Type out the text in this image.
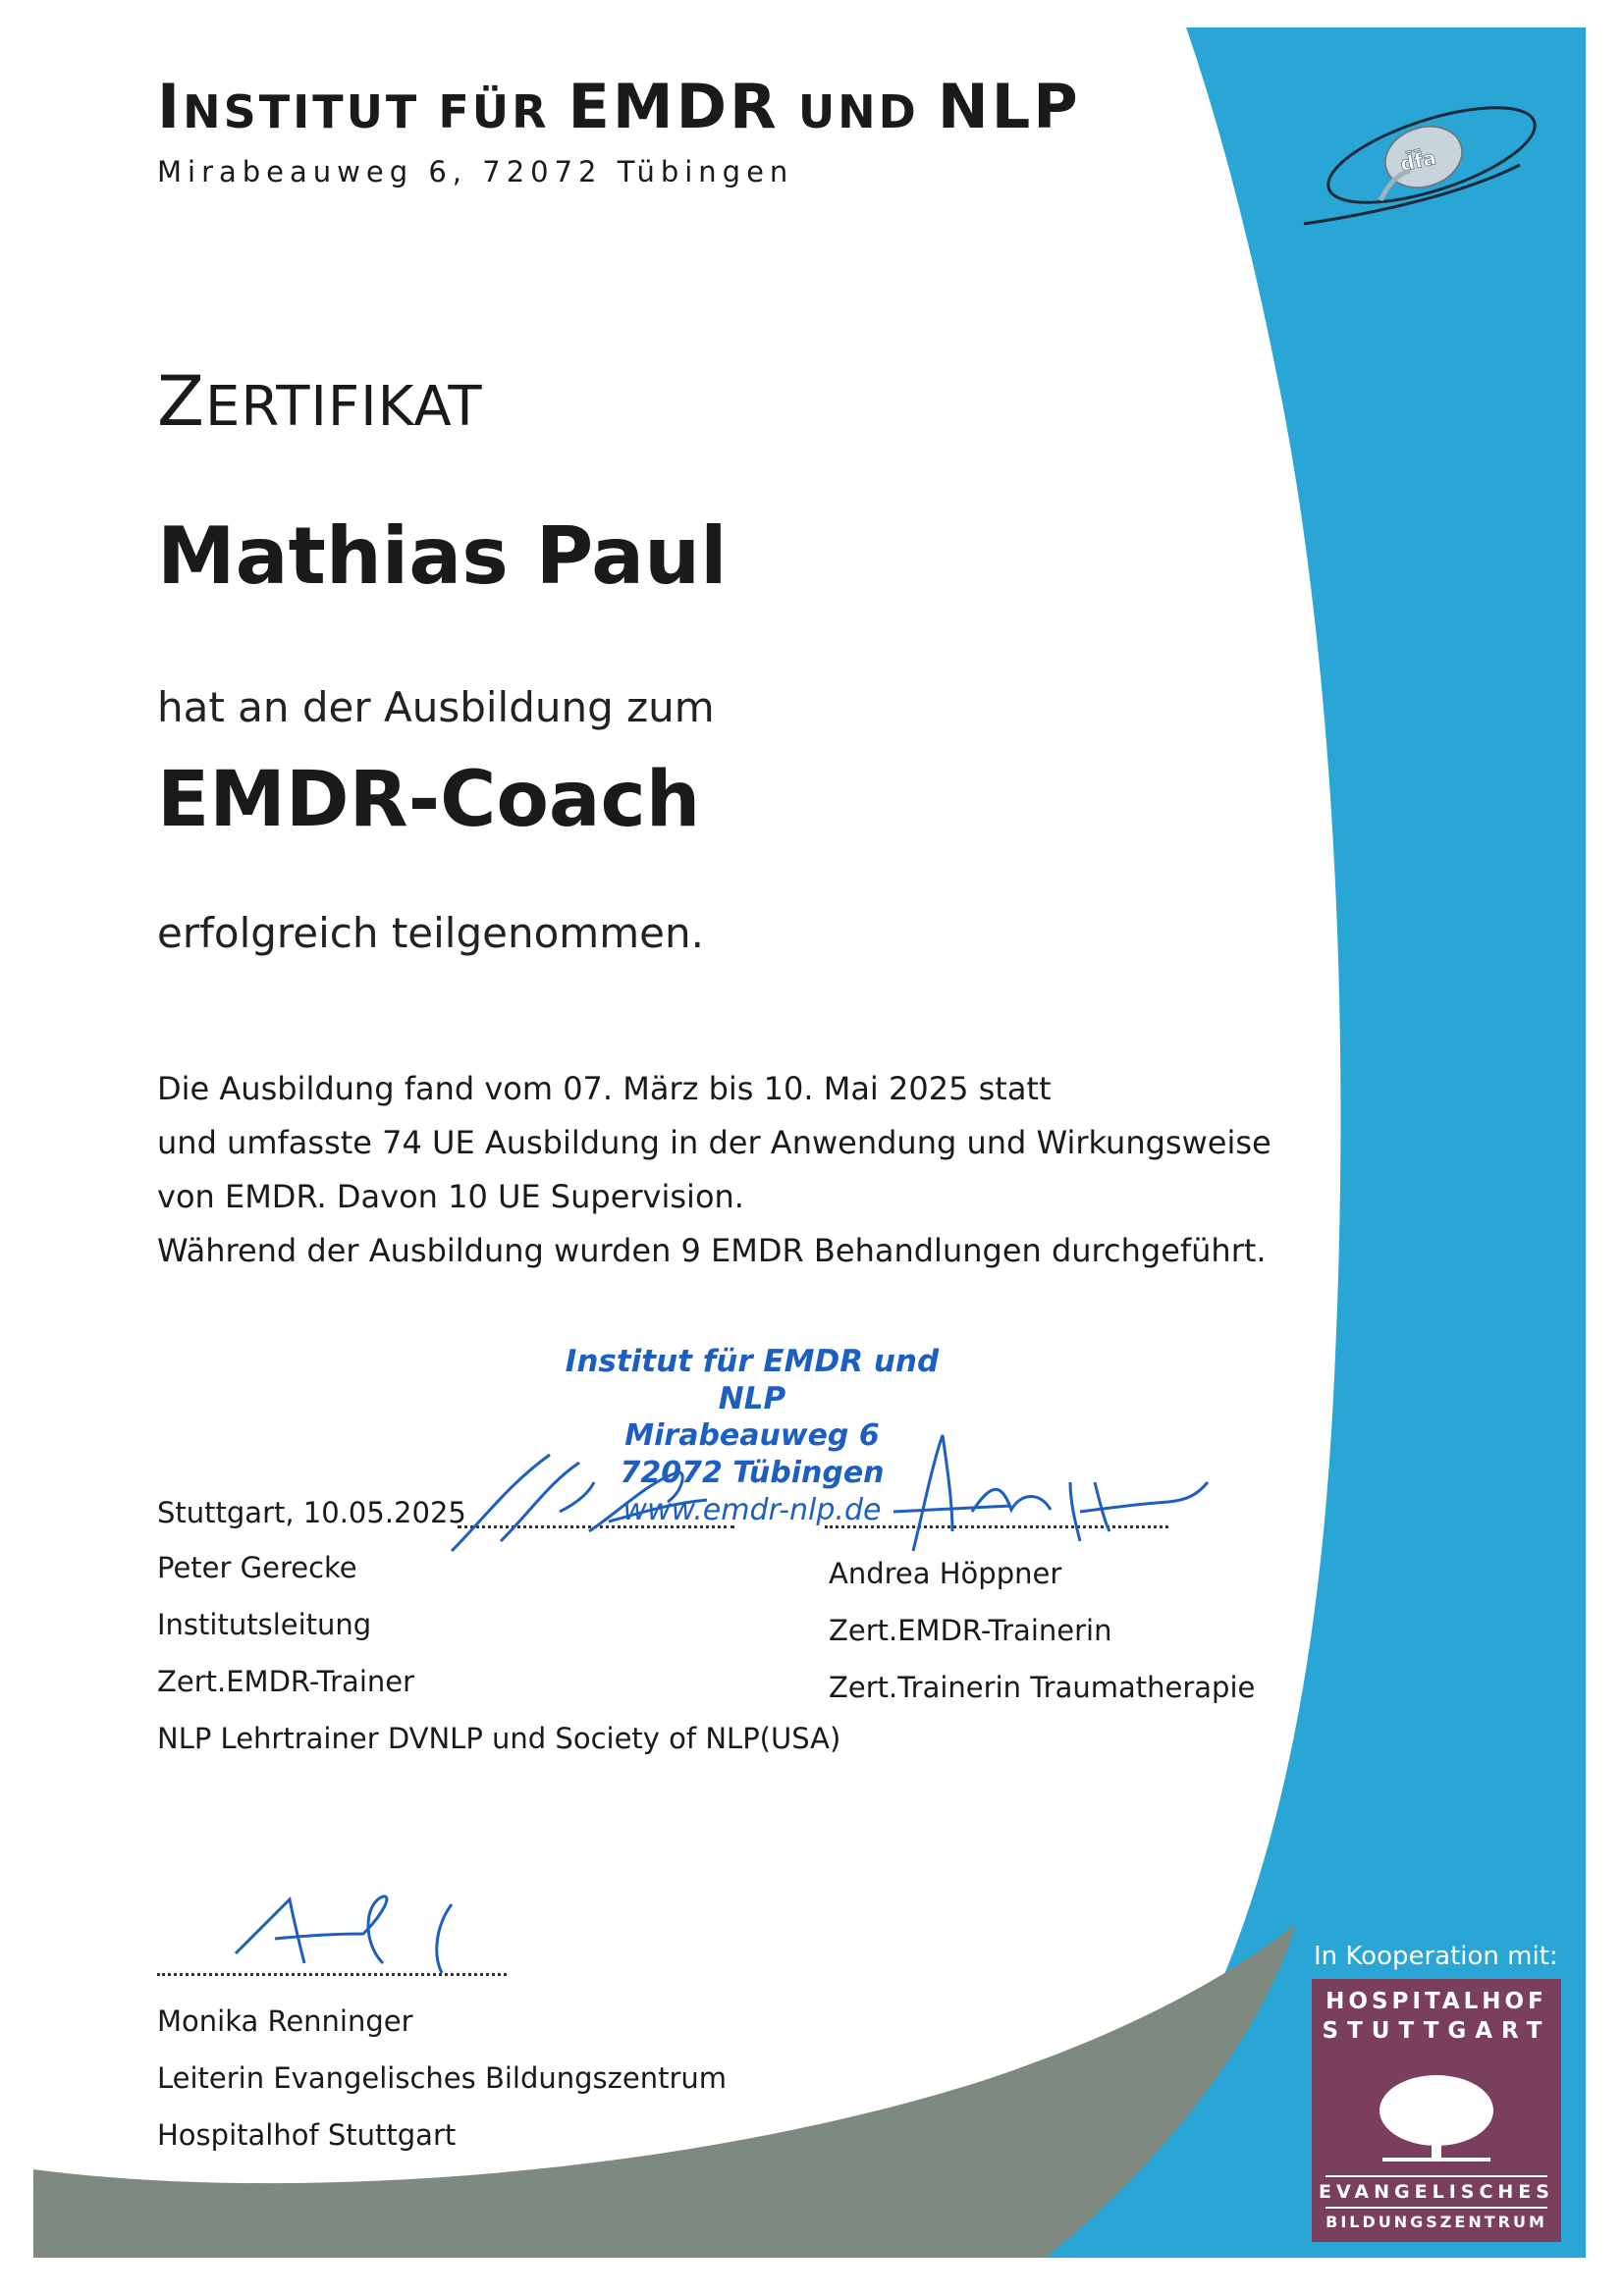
d̄f̄a
INSTITUT FÜR EMDR UND NLP
Mirabeauweg 6, 72072 Tübingen
ZERTIFIKAT
Mathias Paul
hat an der Ausbildung zum
EMDR-Coach
erfolgreich teilgenommen.
Die Ausbildung fand vom 07. März bis 10. Mai 2025 statt
und umfasste 74 UE Ausbildung in der Anwendung und Wirkungsweise
von EMDR. Davon 10 UE Supervision.
Während der Ausbildung wurden 9 EMDR Behandlungen durchgeführt.
Institut für EMDR und NLP
Mirabeauweg 6
72072 Tübingen
www.emdr-nlp.de
Stuttgart, 10.05.2025
Peter Gerecke
Institutsleitung
Zert.EMDR-Trainer
NLP Lehrtrainer DVNLP und Society of NLP(USA)
Andrea Höppner
Zert.EMDR-Trainerin
Zert.Trainerin Traumatherapie
Monika Renninger
Leiterin Evangelisches Bildungszentrum
Hospitalhof Stuttgart
In Kooperation mit:
HOSPITALHOF
STUTTGART
EVANGELISCHES
BILDUNGSZENTRUM
